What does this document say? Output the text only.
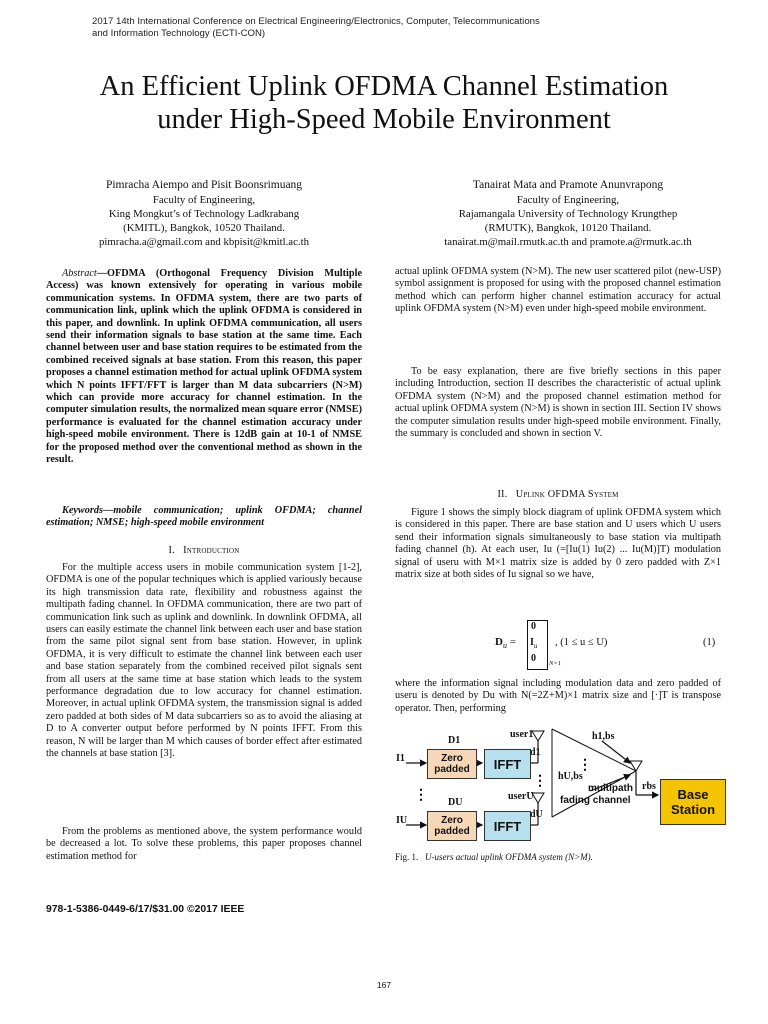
2017 14th International Conference on Electrical Engineering/Electronics, Computer, Telecommunications
and Information Technology (ECTI-CON)
An Efficient Uplink OFDMA Channel Estimation
under High-Speed Mobile Environment
Pimracha Aiempo and Pisit Boonsrimuang
Faculty of Engineering,
King Mongkut’s of Technology Ladkrabang
(KMITL), Bangkok, 10520 Thailand.
pimracha.a@gmail.com and kbpisit@kmitl.ac.th
Tanairat Mata and Pramote Anunvrapong
Faculty of Engineering,
Rajamangala University of Technology Krungthep
(RMUTK), Bangkok, 10120 Thailand.
tanairat.m@mail.rmutk.ac.th and pramote.a@rmutk.ac.th

Abstract—OFDMA (Orthogonal Frequency Division Multiple Access) was known extensively for operating in various mobile communication systems. In OFDMA system, there are two parts of communication link, uplink which the uplink OFDMA is considered in this paper, and downlink. In uplink OFDMA communication, all users send their information signals to base station at the same time. Each channel between user and base station requires to be estimated from the combined received signals at base station. From this reason, this paper proposes a channel estimation method for actual uplink OFDMA system which N points IFFT/FFT is larger than M data subcarriers (N>M) which can provide more accuracy for channel estimation. In the computer simulation results, the normalized mean square error (NMSE) performance is evaluated for the channel estimation accuracy under high-speed mobile environment. There is 12dB gain at 10-1 of NMSE for the proposed method over the conventional method as shown in the result.

Keywords—mobile communication; uplink OFDMA; channel estimation; NMSE; high-speed mobile environment

I. Introduction
For the multiple access users in mobile communication system [1-2], OFDMA is one of the popular techniques which is applied variously because its high transmission data rate, flexibility and robustness against the multipath fading channel. In OFDMA communication, there are two part of communication link such as uplink and downlink. In downlink OFDMA, all users can easily estimate the channel link between each user and base station from the same pilot signal sent from base station. However, in uplink OFDMA, it is very difficult to estimate the channel link between each user and base station separately from the combined received pilot signals sent from all users at the same time at base station which leads to the system performance degradation due to low accuracy for channel estimation. Moreover, in actual uplink OFDMA system, the transmission signal is added zero padded at both sides of M data subcarriers so as to avoid the aliasing at D to A converter output before performed by N points IFFT. From this reason, N will be larger than M which causes of border effect after estimated the channels at base station [3].
From the problems as mentioned above, the system performance would be decreased a lot. To solve these problems, this paper proposes channel estimation method for
actual uplink OFDMA system (N>M). The new user scattered pilot (new-USP) symbol assignment is proposed for using with the proposed channel estimation method which can perform higher channel estimation accuracy for actual uplink OFDMA system (N>M) even under high-speed mobile environment.
To be easy explanation, there are five briefly sections in this paper including Introduction, section II describes the characteristic of actual uplink OFDMA system (N>M) and the proposed channel estimation method for actual uplink OFDMA system (N>M) is shown in section III. Section IV shows the computer simulation results under high-speed mobile environment. Finally, the summary is concluded and shown in section V.
II. Uplink OFDMA System
Figure 1 shows the simply block diagram of uplink OFDMA system which is considered in this paper. There are base station and U users which U users send their information signals simultaneously to base station via multipath fading channel (h). At each user, Iu (=[Iu(1) Iu(2) ... Iu(M)]T) modulation signal of useru with M×1 matrix size is added by 0 zero padded with Z×1 matrix size at both sides of Iu signal so we have,
$D_u$ =
0
$I_u$
0 N×1
, (1 ≤ u ≤ U)	(1)
where the information signal including modulation data and zero padded of useru is denoted by Du with N(=2Z+M)×1 matrix size and [·]T is transpose operator. Then, performing
⋮
⋮
⋮
Zero padded	IFFT
Zero padded	IFFT
Base Station
I1
IU
D1
DU
d1
dU
user1
userU
h1,bs
hU,bs
rbs
multipath
fading channel
Fig. 1. U-users actual uplink OFDMA system (N>M).
978-1-5386-0449-6/17/$31.00 ©2017 IEEE
167
